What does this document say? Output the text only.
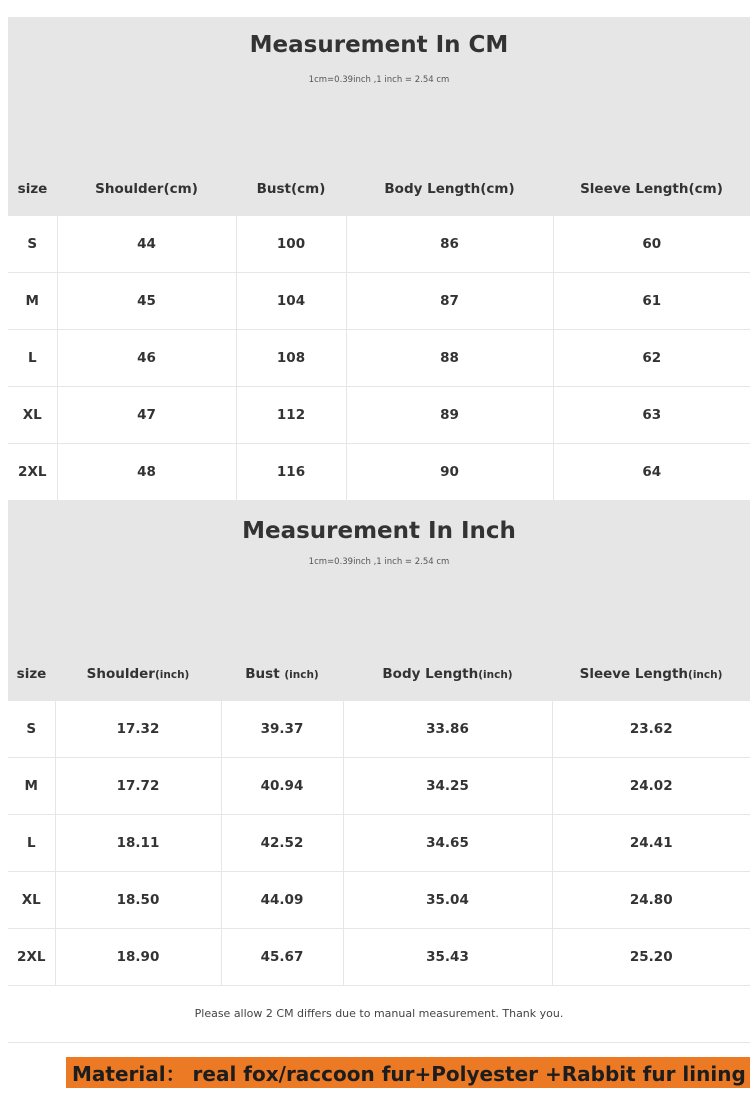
Measurement In CM
1cm=0.39inch ,1 inch = 2.54 cm
size	Shoulder(cm)	Bust(cm)	Body Length(cm)	Sleeve Length(cm)
S	44	100	86	60
M	45	104	87	61
L	46	108	88	62
XL	47	112	89	63
2XL	48	116	90	64
Measurement In Inch
1cm=0.39inch ,1 inch = 2.54 cm
size	Shoulder(inch)	Bust (inch)	Body Length(inch)	Sleeve Length(inch)
S	17.32	39.37	33.86	23.62
M	17.72	40.94	34.25	24.02
L	18.11	42.52	34.65	24.41
XL	18.50	44.09	35.04	24.80
2XL	18.90	45.67	35.43	25.20
Please allow 2 CM differs due to manual measurement. Thank you.
Material： real fox/raccoon fur+Polyester +Rabbit fur lining
